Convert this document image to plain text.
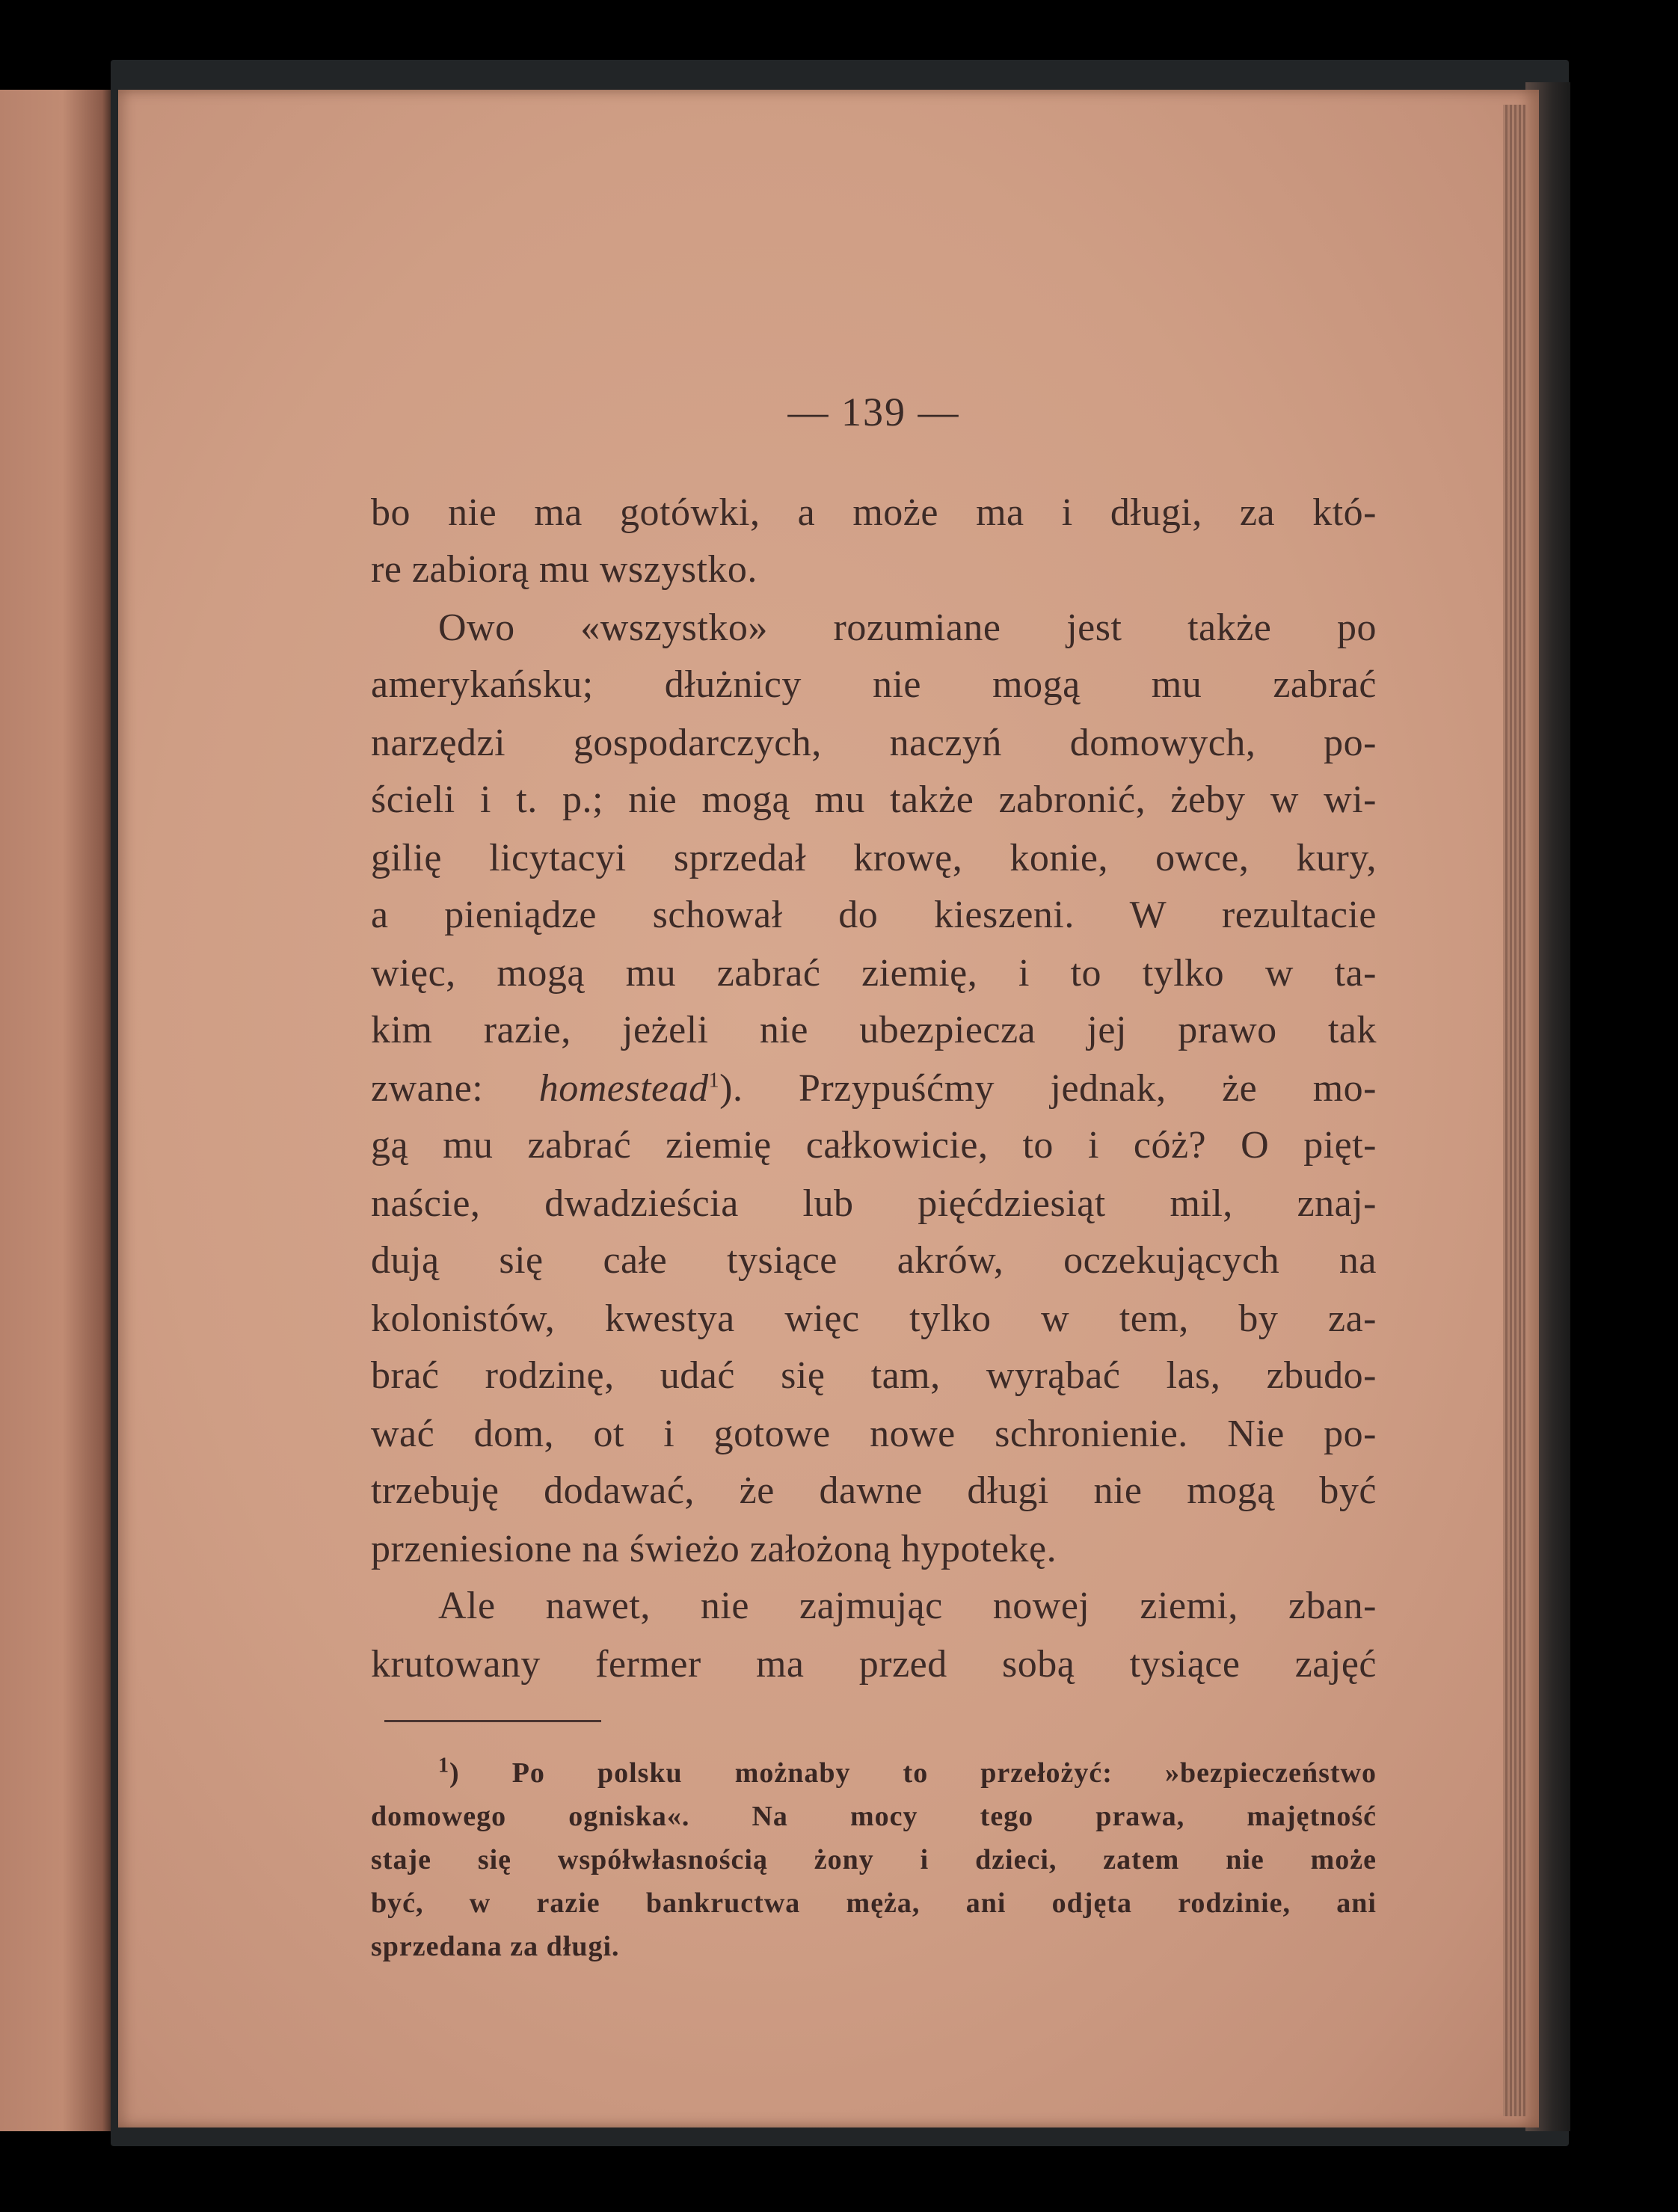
— 139 —
bo nie ma gotówki, a może ma i długi, za któ-
re zabiorą mu wszystko.
Owo «wszystko» rozumiane jest także po
amerykańsku; dłużnicy nie mogą mu zabrać
narzędzi gospodarczych, naczyń domowych, po-
ścieli i t. p.; nie mogą mu także zabronić, żeby w wi-
gilię licytacyi sprzedał krowę, konie, owce, kury,
a pieniądze schował do kieszeni. W rezultacie
więc, mogą mu zabrać ziemię, i to tylko w ta-
kim razie, jeżeli nie ubezpiecza jej prawo tak
zwane: homestead$^1$). Przypuśćmy jednak, że mo-
gą mu zabrać ziemię całkowicie, to i cóż? O pięt-
naście, dwadzieścia lub pięćdziesiąt mil, znaj-
dują się całe tysiące akrów, oczekujących na
kolonistów, kwestya więc tylko w tem, by za-
brać rodzinę, udać się tam, wyrąbać las, zbudo-
wać dom, ot i gotowe nowe schronienie. Nie po-
trzebuję dodawać, że dawne długi nie mogą być
przeniesione na świeżo założoną hypotekę.
Ale nawet, nie zajmując nowej ziemi, zban-
krutowany fermer ma przed sobą tysiące zajęć
$^1$) Po polsku możnaby to przełożyć: »bezpieczeństwo
domowego ogniska«. Na mocy tego prawa, majętność
staje się współwłasnością żony i dzieci, zatem nie może
być, w razie bankructwa męża, ani odjęta rodzinie, ani
sprzedana za długi.
